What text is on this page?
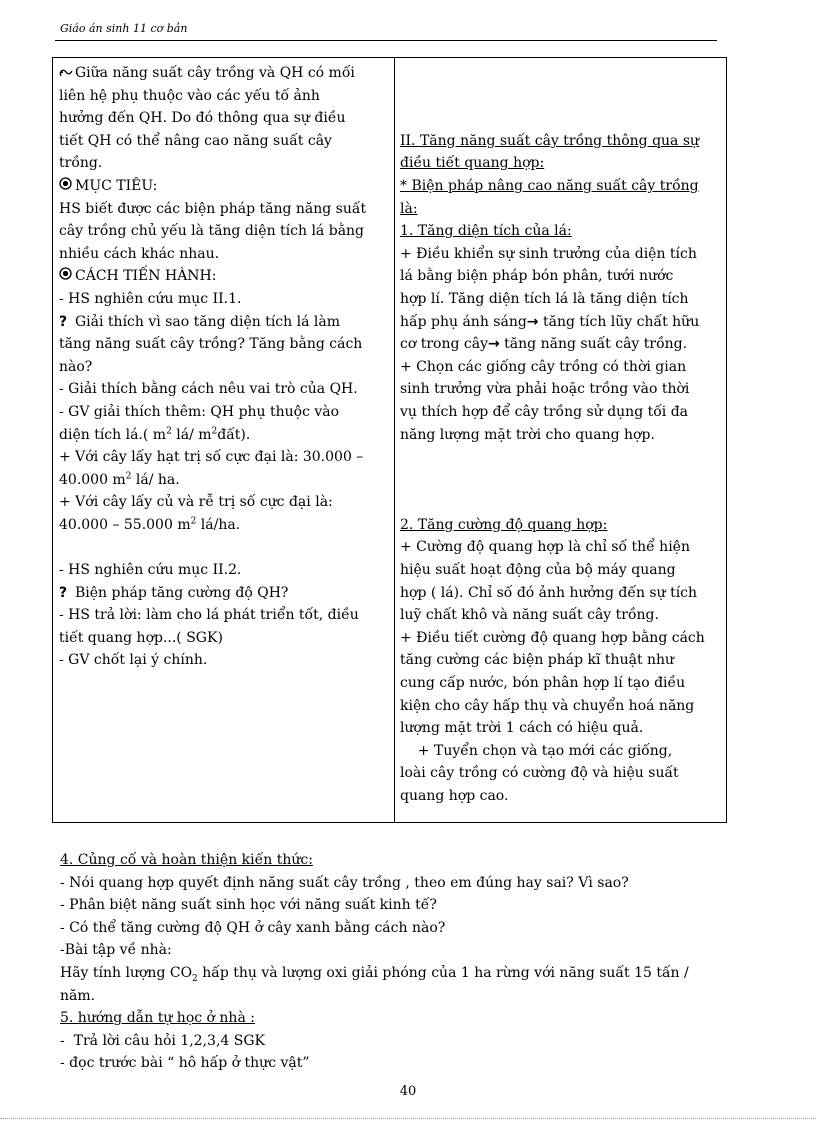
Giáo án sinh 11 cơ bản
Giữa năng suất cây trồng và QH có mối
liên hệ phụ thuộc vào các yếu tố ảnh
hưởng đến QH. Do đó thông qua sự điều
tiết QH có thể nâng cao năng suất cây
trồng.
MỤC TIÊU:
HS biết được các biện pháp tăng năng suất
cây trồng chủ yếu là tăng diện tích lá bằng
nhiều cách khác nhau.
CÁCH TIẾN HÀNH:
- HS nghiên cứu mục II.1.
? Giải thích vì sao tăng diện tích lá làm
tăng năng suất cây trồng? Tăng bằng cách
nào?
- Giải thích bằng cách nêu vai trò của QH.
- GV giải thích thêm: QH phụ thuộc vào
diện tích lá.( $m^2$ lá/ $m^2đất$).
+ Với cây lấy hạt trị số cực đại là: 30.000 –
40.000 $m^2$ lá/ ha.
+ Với cây lấy củ và rễ trị số cực đại là:
40.000 – 55.000 $m^2$ lá/ha.
- HS nghiên cứu mục II.2.
? Biện pháp tăng cường độ QH?
- HS trả lời: làm cho lá phát triển tốt, điều
tiết quang hợp...( SGK)
- GV chốt lại ý chính.
II. Tăng năng suất cây trồng thông qua sự
điều tiết quang hợp:
* Biện pháp nâng cao năng suất cây trồng
là:
1. Tăng diện tích của lá:
+ Điều khiển sự sinh trưởng của diện tích
lá bằng biện pháp bón phân, tưới nước
hợp lí. Tăng diện tích lá là tăng diện tích
hấp phụ ánh sáng→ tăng tích lũy chất hữu
cơ trong cây→ tăng năng suất cây trồng.
+ Chọn các giống cây trồng có thời gian
sinh trưởng vừa phải hoặc trồng vào thời
vụ thích hợp để cây trồng sử dụng tối đa
năng lượng mặt trời cho quang hợp.
2. Tăng cường độ quang hợp:
+ Cường độ quang hợp là chỉ số thể hiện
hiệu suất hoạt động của bộ máy quang
hợp ( lá). Chỉ số đó ảnh hưởng đến sự tích
luỹ chất khô và năng suất cây trồng.
+ Điều tiết cường độ quang hợp bằng cách
tăng cường các biện pháp kĩ thuật như
cung cấp nước, bón phân hợp lí tạo điều
kiện cho cây hấp thụ và chuyển hoá năng
lượng mặt trời 1 cách có hiệu quả.
+ Tuyển chọn và tạo mới các giống,
loài cây trồng có cường độ và hiệu suất
quang hợp cao.
4. Củng cố và hoàn thiện kiến thức:
- Nói quang hợp quyết định năng suất cây trồng , theo em đúng hay sai? Vì sao?
- Phân biệt năng suất sinh học với năng suất kinh tế?
- Có thể tăng cường độ QH ở cây xanh bằng cách nào?
-Bài tập về nhà:
Hãy tính lượng $CO_2$ hấp thụ và lượng oxi giải phóng của 1 ha rừng với năng suất 15 tấn /
năm.
5. hướng dẫn tự học ở nhà :
-  Trả lời câu hỏi 1,2,3,4 SGK
- đọc trước bài “ hô hấp ở thực vật”
40
